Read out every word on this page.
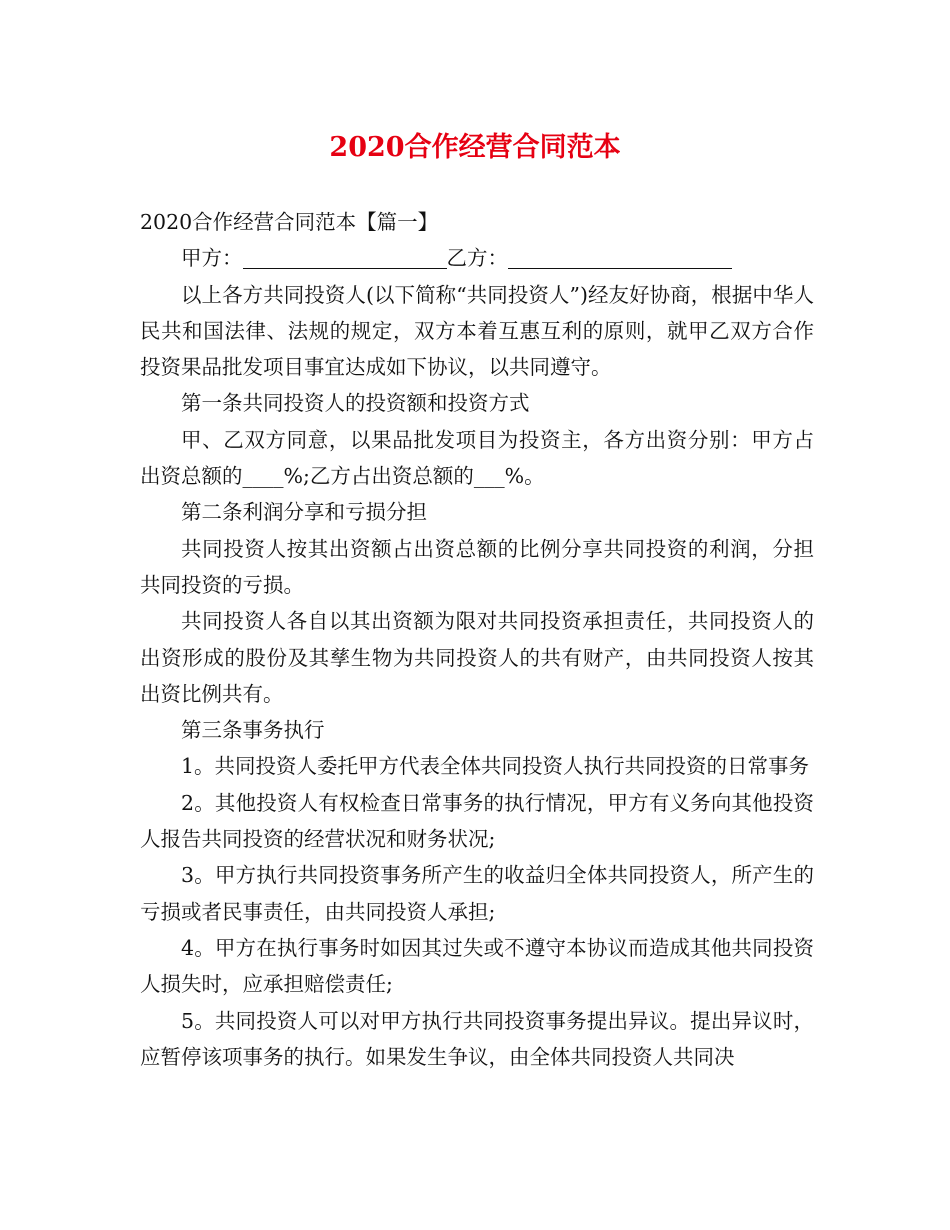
2020合作经营合同范本

2020合作经营合同范本【篇一】

甲方：	乙方：

以上各方共同投资人(以下简称“共同投资人”)经友好协商，根据中华人民共和国法律、法规的规定，双方本着互惠互利的原则，就甲乙双方合作投资果品批发项目事宜达成如下协议，以共同遵守。

第一条共同投资人的投资额和投资方式

甲、乙双方同意，以果品批发项目为投资主，各方出资分别：甲方占出资总额的____%;乙方占出资总额的___%。

第二条利润分享和亏损分担

共同投资人按其出资额占出资总额的比例分享共同投资的利润，分担共同投资的亏损。

共同投资人各自以其出资额为限对共同投资承担责任，共同投资人的出资形成的股份及其孳生物为共同投资人的共有财产，由共同投资人按其出资比例共有。

第三条事务执行

1。共同投资人委托甲方代表全体共同投资人执行共同投资的日常事务

2。其他投资人有权检查日常事务的执行情况，甲方有义务向其他投资人报告共同投资的经营状况和财务状况;

3。甲方执行共同投资事务所产生的收益归全体共同投资人，所产生的亏损或者民事责任，由共同投资人承担;

4。甲方在执行事务时如因其过失或不遵守本协议而造成其他共同投资人损失时，应承担赔偿责任;

5。共同投资人可以对甲方执行共同投资事务提出异议。提出异议时，应暂停该项事务的执行。如果发生争议，由全体共同投资人共同决
